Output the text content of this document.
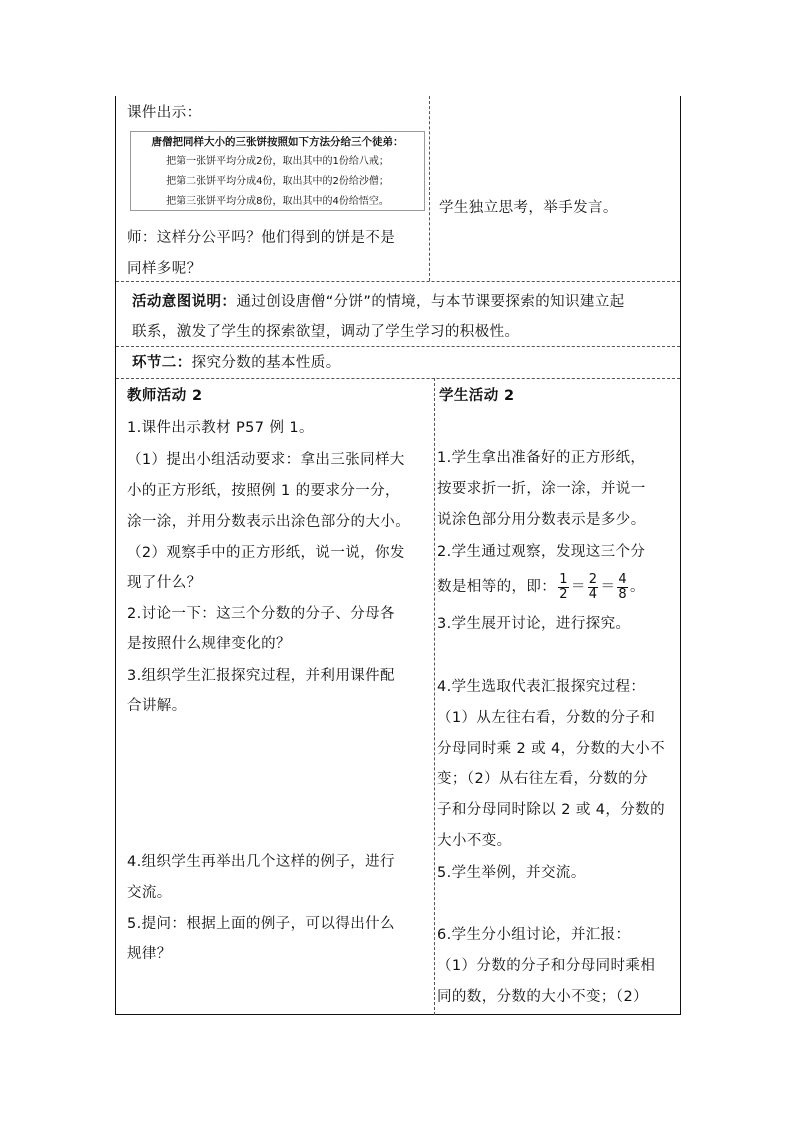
课件出示：
唐僧把同样大小的三张饼按照如下方法分给三个徒弟：
把第一张饼平均分成2份，取出其中的1份给八戒；
把第二张饼平均分成4份，取出其中的2份给沙僧；
把第三张饼平均分成8份，取出其中的4份给悟空。
师：这样分公平吗？他们得到的饼是不是
同样多呢？
学生独立思考，举手发言。
活动意图说明：通过创设唐僧“分饼”的情境，与本节课要探索的知识建立起
联系，激发了学生的探索欲望，调动了学生学习的积极性。
环节二：探究分数的基本性质。
教师活动 2
1.课件出示教材 P57 例 1。
（1）提出小组活动要求：拿出三张同样大
小的正方形纸，按照例 1 的要求分一分，
涂一涂，并用分数表示出涂色部分的大小。
（2）观察手中的正方形纸，说一说，你发
现了什么？
2.讨论一下：这三个分数的分子、分母各
是按照什么规律变化的？
3.组织学生汇报探究过程，并利用课件配
合讲解。
4.组织学生再举出几个这样的例子，进行
交流。
5.提问：根据上面的例子，可以得出什么
规律？
学生活动 2
1.学生拿出准备好的正方形纸，
按要求折一折，涂一涂，并说一
说涂色部分用分数表示是多少。
2.学生通过观察，发现这三个分
数是相等的，即： $\frac{1}{2} = \frac{2}{4} = \frac{4}{8}$ 。
3.学生展开讨论，进行探究。
4.学生选取代表汇报探究过程：
（1）从左往右看，分数的分子和
分母同时乘 2 或 4，分数的大小不
变；（2）从右往左看，分数的分
子和分母同时除以 2 或 4，分数的
大小不变。
5.学生举例，并交流。
6.学生分小组讨论，并汇报：
（1）分数的分子和分母同时乘相
同的数，分数的大小不变；（2）
